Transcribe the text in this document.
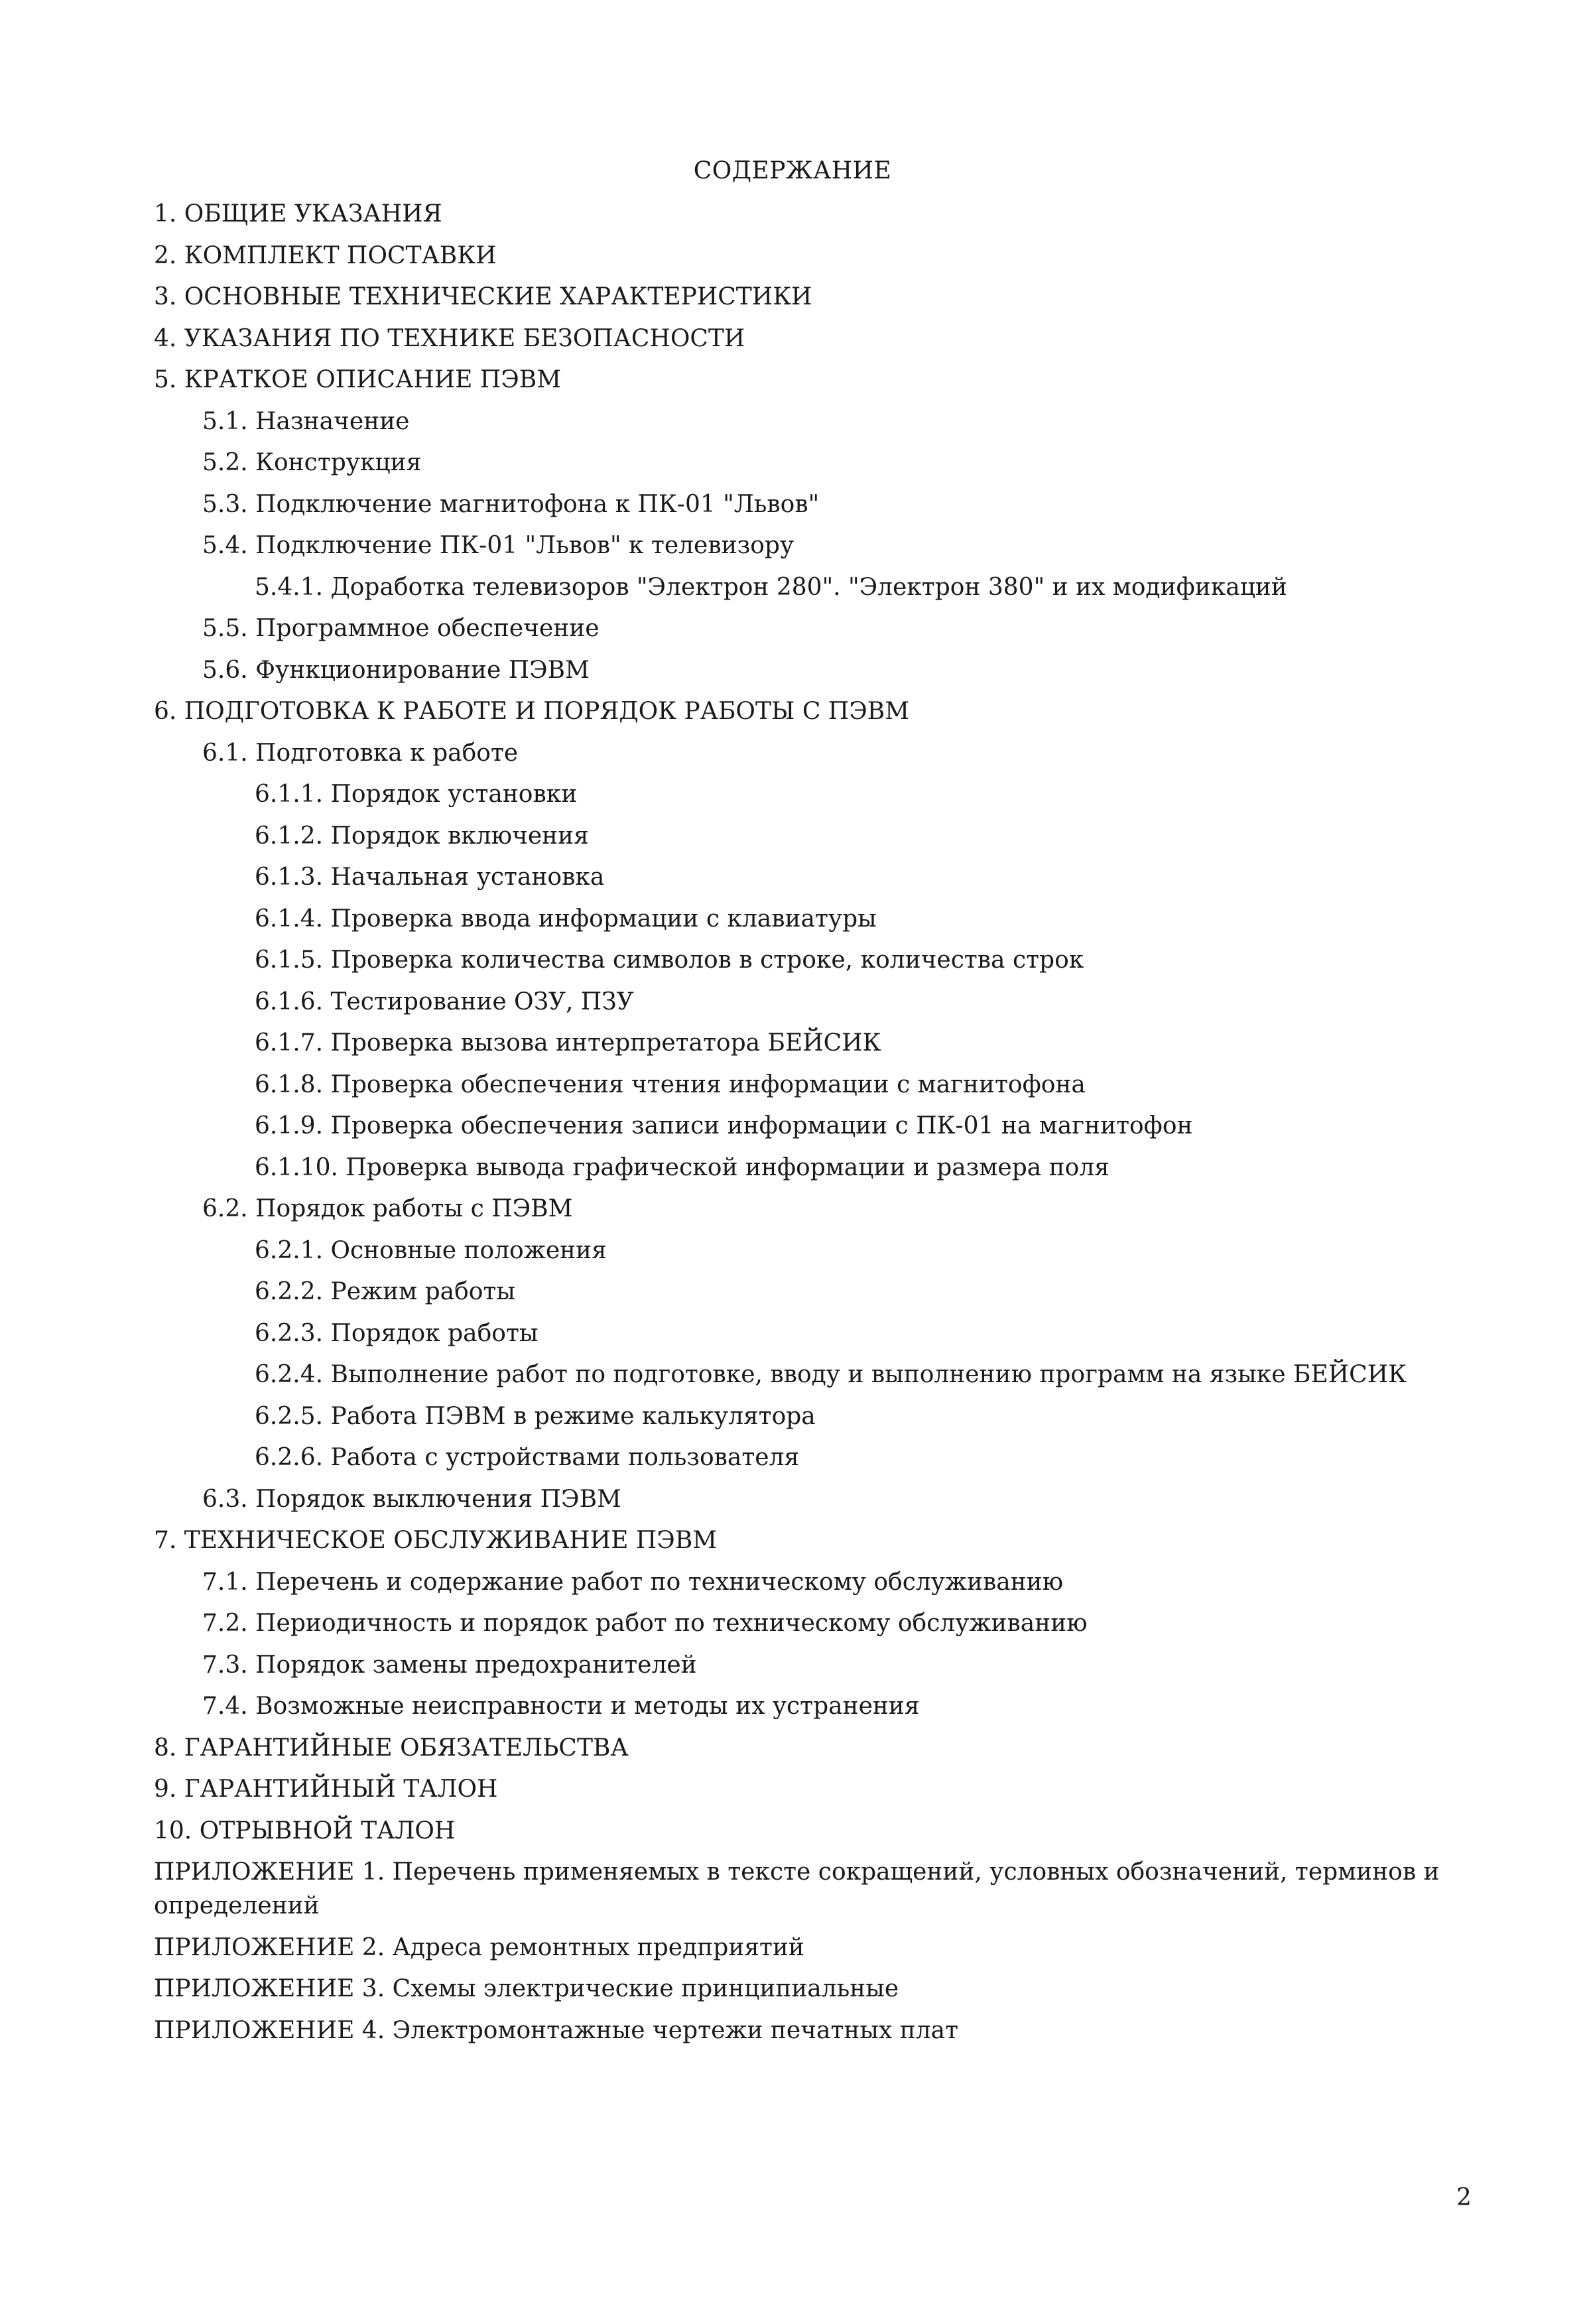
СОДЕРЖАНИЕ
1. ОБЩИЕ УКАЗАНИЯ
2. КОМПЛЕКТ ПОСТАВКИ
3. ОСНОВНЫЕ ТЕХНИЧЕСКИЕ ХАРАКТЕРИСТИКИ
4. УКАЗАНИЯ ПО ТЕХНИКЕ БЕЗОПАСНОСТИ
5. КРАТКОЕ ОПИСАНИЕ ПЭВМ
5.1. Назначение
5.2. Конструкция
5.3. Подключение магнитофона к ПК-01 "Львов"
5.4. Подключение ПК-01 "Львов" к телевизору
5.4.1. Доработка телевизоров "Электрон 280". "Электрон 380" и их модификаций
5.5. Программное обеспечение
5.6. Функционирование ПЭВМ
6. ПОДГОТОВКА К РАБОТЕ И ПОРЯДОК РАБОТЫ С ПЭВМ
6.1. Подготовка к работе
6.1.1. Порядок установки
6.1.2. Порядок включения
6.1.3. Начальная установка
6.1.4. Проверка ввода информации с клавиатуры
6.1.5. Проверка количества символов в строке, количества строк
6.1.6. Тестирование ОЗУ, ПЗУ
6.1.7. Проверка вызова интерпретатора БЕЙСИК
6.1.8. Проверка обеспечения чтения информации с магнитофона
6.1.9. Проверка обеспечения записи информации с ПК-01 на магнитофон
6.1.10. Проверка вывода графической информации и размера поля
6.2. Порядок работы с ПЭВМ
6.2.1. Основные положения
6.2.2. Режим работы
6.2.3. Порядок работы
6.2.4. Выполнение работ по подготовке, вводу и выполнению программ на языке БЕЙСИК
6.2.5. Работа ПЭВМ в режиме калькулятора
6.2.6. Работа с устройствами пользователя
6.3. Порядок выключения ПЭВМ
7. ТЕХНИЧЕСКОЕ ОБСЛУЖИВАНИЕ ПЭВМ
7.1. Перечень и содержание работ по техническому обслуживанию
7.2. Периодичность и порядок работ по техническому обслуживанию
7.3. Порядок замены предохранителей
7.4. Возможные неисправности и методы их устранения
8. ГАРАНТИЙНЫЕ ОБЯЗАТЕЛЬСТВА
9. ГАРАНТИЙНЫЙ ТАЛОН
10. ОТРЫВНОЙ ТАЛОН
ПРИЛОЖЕНИЕ 1. Перечень применяемых в тексте сокращений, условных обозначений, терминов и определений
ПРИЛОЖЕНИЕ 2. Адреса ремонтных предприятий
ПРИЛОЖЕНИЕ 3. Схемы электрические принципиальные
ПРИЛОЖЕНИЕ 4. Электромонтажные чертежи печатных плат
2
